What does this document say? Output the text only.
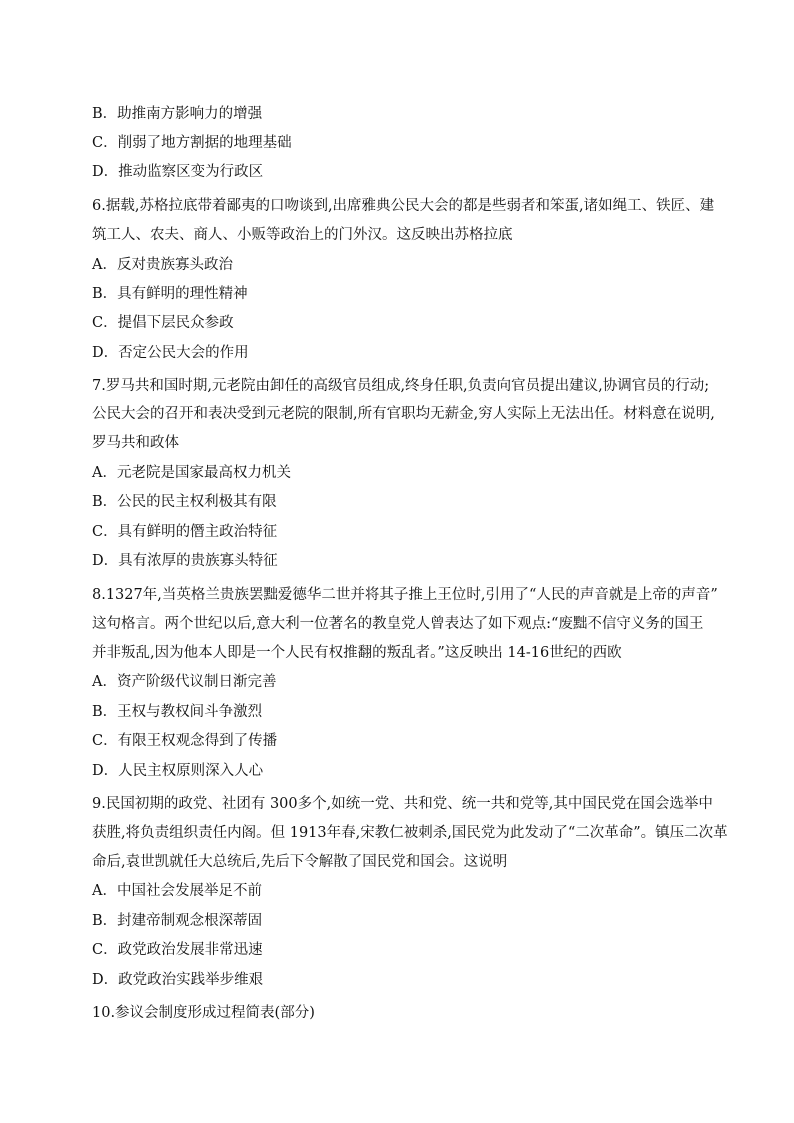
B．助推南方影响力的增强
C．削弱了地方割据的地理基础
D．推动监察区变为行政区
6.据载,苏格拉底带着鄙夷的口吻谈到,出席雅典公民大会的都是些弱者和笨蛋,诸如绳工、铁匠、建
筑工人、农夫、商人、小贩等政治上的门外汉。这反映出苏格拉底
A．反对贵族寡头政治
B．具有鲜明的理性精神
C．提倡下层民众参政
D．否定公民大会的作用
7.罗马共和国时期,元老院由卸任的高级官员组成,终身任职,负责向官员提出建议,协调官员的行动;
公民大会的召开和表决受到元老院的限制,所有官职均无薪金,穷人实际上无法出任。材料意在说明,
罗马共和政体
A．元老院是国家最高权力机关
B．公民的民主权利极其有限
C．具有鲜明的僭主政治特征
D．具有浓厚的贵族寡头特征
8.1327年,当英格兰贵族罢黜爱德华二世并将其子推上王位时,引用了“人民的声音就是上帝的声音”
这句格言。两个世纪以后,意大利一位著名的教皇党人曾表达了如下观点:“废黜不信守义务的国王
并非叛乱,因为他本人即是一个人民有权推翻的叛乱者。”这反映出 14-16世纪的西欧
A．资产阶级代议制日渐完善
B．王权与教权间斗争激烈
C．有限王权观念得到了传播
D．人民主权原则深入人心
9.民国初期的政党、社团有 300多个,如统一党、共和党、统一共和党等,其中国民党在国会选举中
获胜,将负责组织责任内阁。但 1913年春,宋教仁被刺杀,国民党为此发动了“二次革命”。镇压二次革
命后,袁世凯就任大总统后,先后下令解散了国民党和国会。这说明
A．中国社会发展举足不前
B．封建帝制观念根深蒂固
C．政党政治发展非常迅速
D．政党政治实践举步维艰
10.参议会制度形成过程简表(部分)
